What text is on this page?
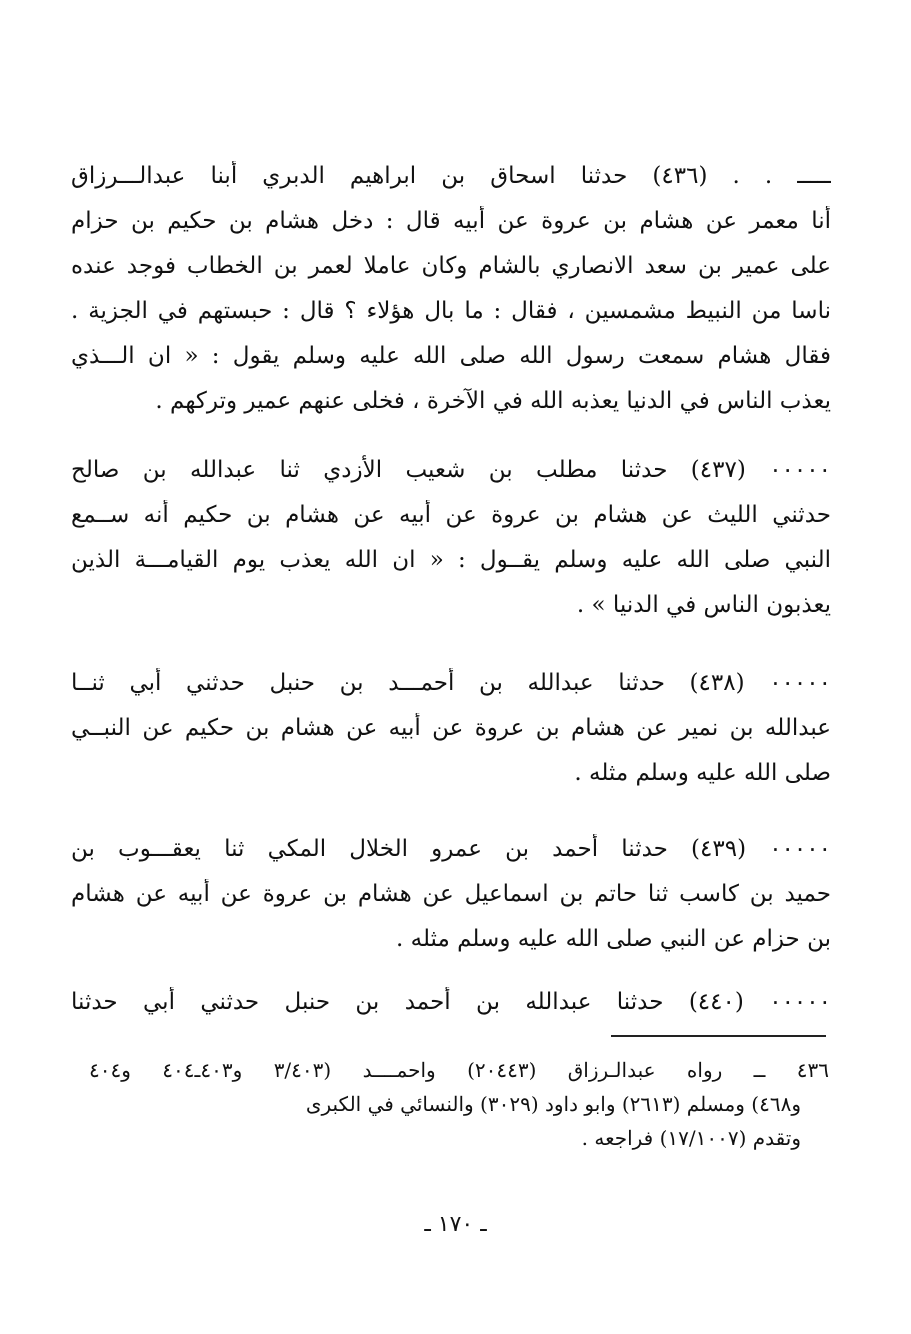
ـــــ . . (٤٣٦) حدثنا اسحاق بن ابراهيم الدبري أبنا عبدالـــرزاق
أنا معمر عن هشام بن عروة عن أبيه قال : دخل هشام بن حكيم بن حزام
على عمير بن سعد الانصاري بالشام وكان عاملا لعمر بن الخطاب فوجد عنده
ناسا من النبيط مشمسين ، فقال : ما بال هؤلاء ؟ قال : حبستهم في الجزية .
فقال هشام سمعت رسول الله صلى الله عليه وسلم يقول : « ان الـــذي
يعذب الناس في الدنيا يعذبه الله في الآخرة ، فخلى عنهم عمير وتركهم .
٠٠٠٠٠ (٤٣٧) حدثنا مطلب بن شعيب الأزدي ثنا عبدالله بن صالح
حدثني الليث عن هشام بن عروة عن أبيه عن هشام بن حكيم أنه ســمع
النبي صلى الله عليه وسلم يقــول : « ان الله يعذب يوم القيامـــة الذين
يعذبون الناس في الدنيا » .
٠٠٠٠٠ (٤٣٨) حدثنا عبدالله بن أحمـــد بن حنبل حدثني أبي ثنــا
عبدالله بن نمير عن هشام بن عروة عن أبيه عن هشام بن حكيم عن النبــي
صلى الله عليه وسلم مثله .
٠٠٠٠٠ (٤٣٩) حدثنا أحمد بن عمرو الخلال المكي ثنا يعقـــوب بن
حميد بن كاسب ثنا حاتم بن اسماعيل عن هشام بن عروة عن أبيه عن هشام
بن حزام عن النبي صلى الله عليه وسلم مثله .
٠٠٠٠٠ (٤٤٠) حدثنا عبدالله بن أحمد بن حنبل حدثني أبي حدثنا
٤٣٦ ــ رواه عبدالـرزاق (٢٠٤٤٣) واحمــــد (٣/٤٠٣ و٤٠٣ـ٤٠٤ و٤٠٤
و٤٦٨) ومسلم (٢٦١٣) وابو داود (٣٠٢٩) والنسائي في الكبرى
وتقدم (١٧/١٠٠٧) فراجعه .
ـ ١٧٠ ـ
